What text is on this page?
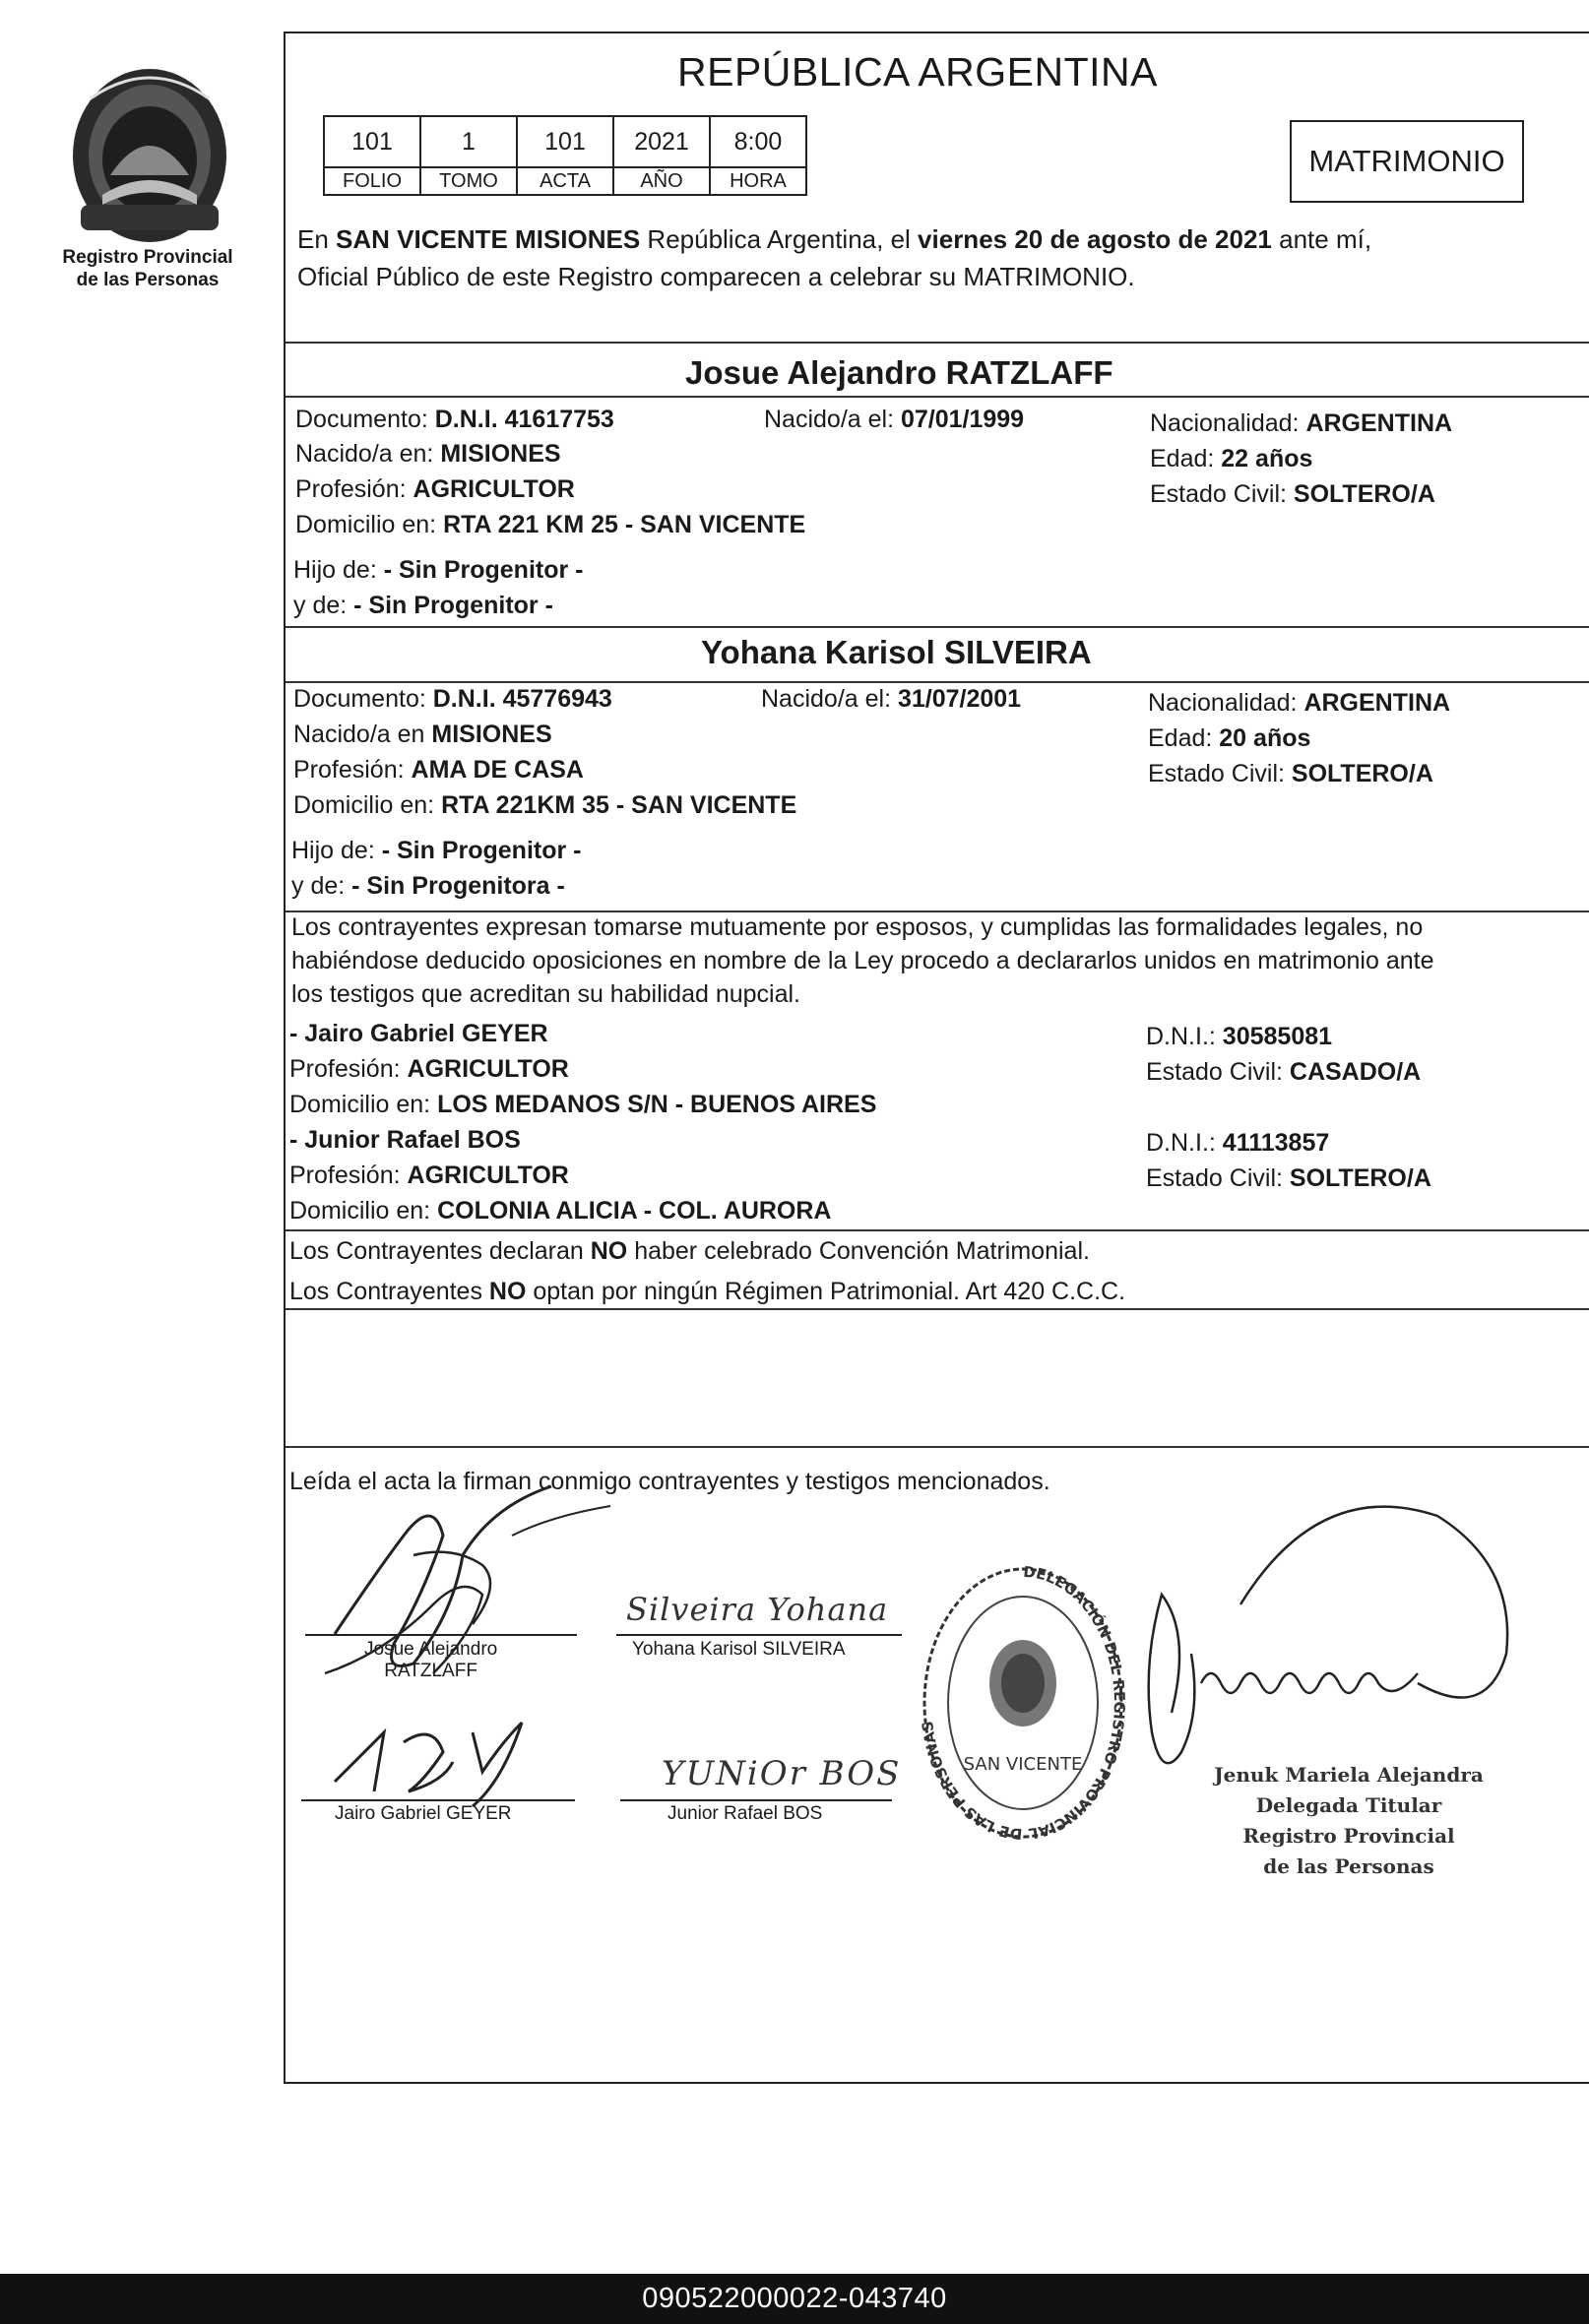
Registro Provincial
de las Personas
REPÚBLICA ARGENTINA
101	1	101	2021	8:00
FOLIO	TOMO	ACTA	AÑO	HORA
MATRIMONIO
En SAN VICENTE MISIONES República Argentina, el viernes 20 de agosto de 2021 ante mí,
Oficial Público de este Registro comparecen a celebrar su MATRIMONIO.
Josue Alejandro RATZLAFF
Documento: D.N.I. 41617753	Nacido/a el: 07/01/1999	Nacionalidad: ARGENTINA
Nacido/a en: MISIONES	Edad: 22 años
Profesión: AGRICULTOR	Estado Civil: SOLTERO/A
Domicilio en: RTA 221 KM 25 - SAN VICENTE
Hijo de: - Sin Progenitor -
y de: - Sin Progenitor -
Yohana Karisol SILVEIRA
Documento: D.N.I. 45776943	Nacido/a el: 31/07/2001	Nacionalidad: ARGENTINA
Nacido/a en MISIONES	Edad: 20 años
Profesión: AMA DE CASA	Estado Civil: SOLTERO/A
Domicilio en: RTA 221KM 35 - SAN VICENTE
Hijo de: - Sin Progenitor -
y de: - Sin Progenitora -
Los contrayentes expresan tomarse mutuamente por esposos, y cumplidas las formalidades legales, no
habiéndose deducido oposiciones en nombre de la Ley procedo a declararlos unidos en matrimonio ante
los testigos que acreditan su habilidad nupcial.
- Jairo Gabriel GEYER	D.N.I.: 30585081
Profesión: AGRICULTOR	Estado Civil: CASADO/A
Domicilio en: LOS MEDANOS S/N - BUENOS AIRES
- Junior Rafael BOS	D.N.I.: 41113857
Profesión: AGRICULTOR	Estado Civil: SOLTERO/A
Domicilio en: COLONIA ALICIA - COL. AURORA
Los Contrayentes declaran NO haber celebrado Convención Matrimonial.
Los Contrayentes NO optan por ningún Régimen Patrimonial. Art 420 C.C.C.
Leída el acta la firman conmigo contrayentes y testigos mencionados.
Josue Alejandro
RATZLAFF
Yohana Karisol SILVEIRA
Jairo Gabriel GEYER	Junior Rafael BOS
Silveira Yohana
YUNiOr BOS
DELEGACIÓN DEL REGISTRO PROVINCIAL DE LAS PERSONAS
SAN VICENTE	Jenuk Mariela Alejandra
Delegada Titular
Registro Provincial
de las Personas
090522000022-043740
